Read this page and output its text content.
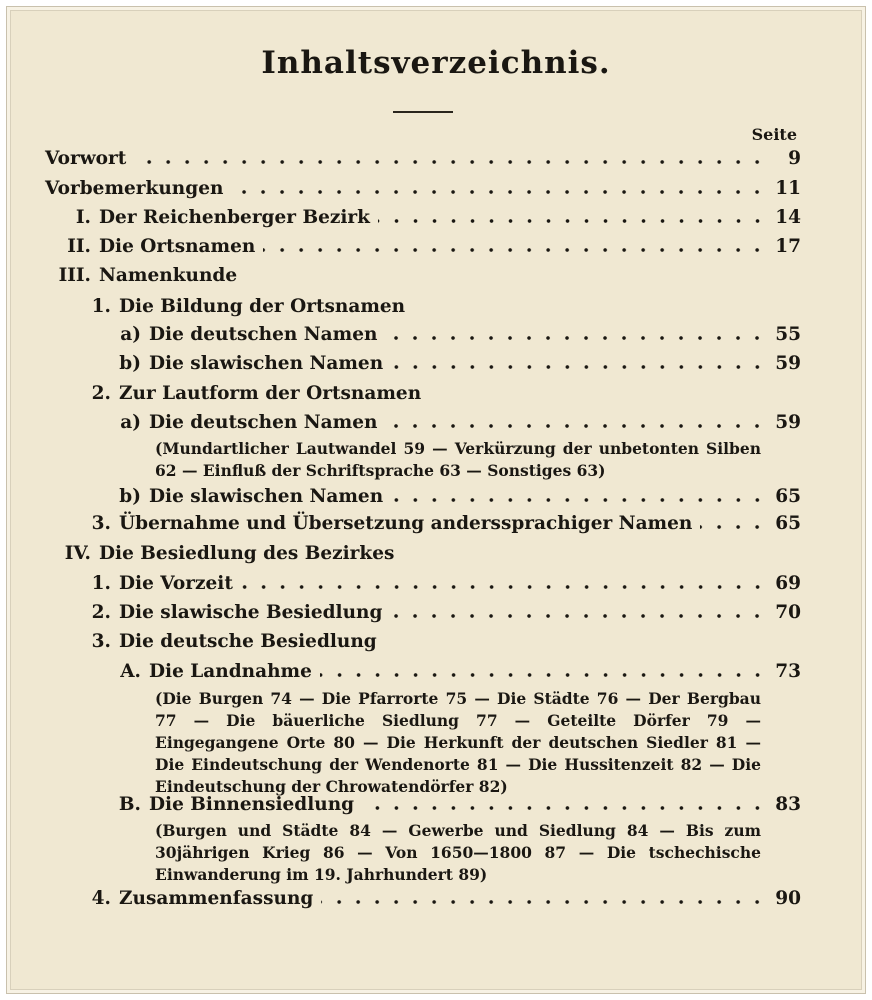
Inhaltsverzeichnis.
Seite
Vorwort	9
Vorbemerkungen	11
I. Der Reichenberger Bezirk	14
II. Die Ortsnamen	17
III. Namenkunde
1. Die Bildung der Ortsnamen
a) Die deutschen Namen	55
b) Die slawischen Namen	59
2. Zur Lautform der Ortsnamen
a) Die deutschen Namen	59
b) Die slawischen Namen	65
3. Übernahme und Übersetzung anderssprachiger Namen	65
IV. Die Besiedlung des Bezirkes
1. Die Vorzeit	69
2. Die slawische Besiedlung	70
3. Die deutsche Besiedlung
A. Die Landnahme	73
B. Die Binnensiedlung	83
4. Zusammenfassung	90
(Mundartlicher Lautwandel 59 — Verkürzung der unbetonten Silben 62 — Einfluß der Schriftsprache 63 — Sonstiges 63)
(Die Burgen 74 — Die Pfarrorte 75 — Die Städte 76 — Der Bergbau 77 — Die bäuerliche Siedlung 77 — Geteilte Dörfer 79 — Eingegangene Orte 80 — Die Herkunft der deutschen Siedler 81 — Die Eindeutschung der Wendenorte 81 — Die Hussitenzeit 82 — Die Eindeutschung der Chrowatendörfer 82)
(Burgen und Städte 84 — Gewerbe und Siedlung 84 — Bis zum 30jährigen Krieg 86 — Von 1650—1800 87 — Die tschechische Einwanderung im 19. Jahrhundert 89)
